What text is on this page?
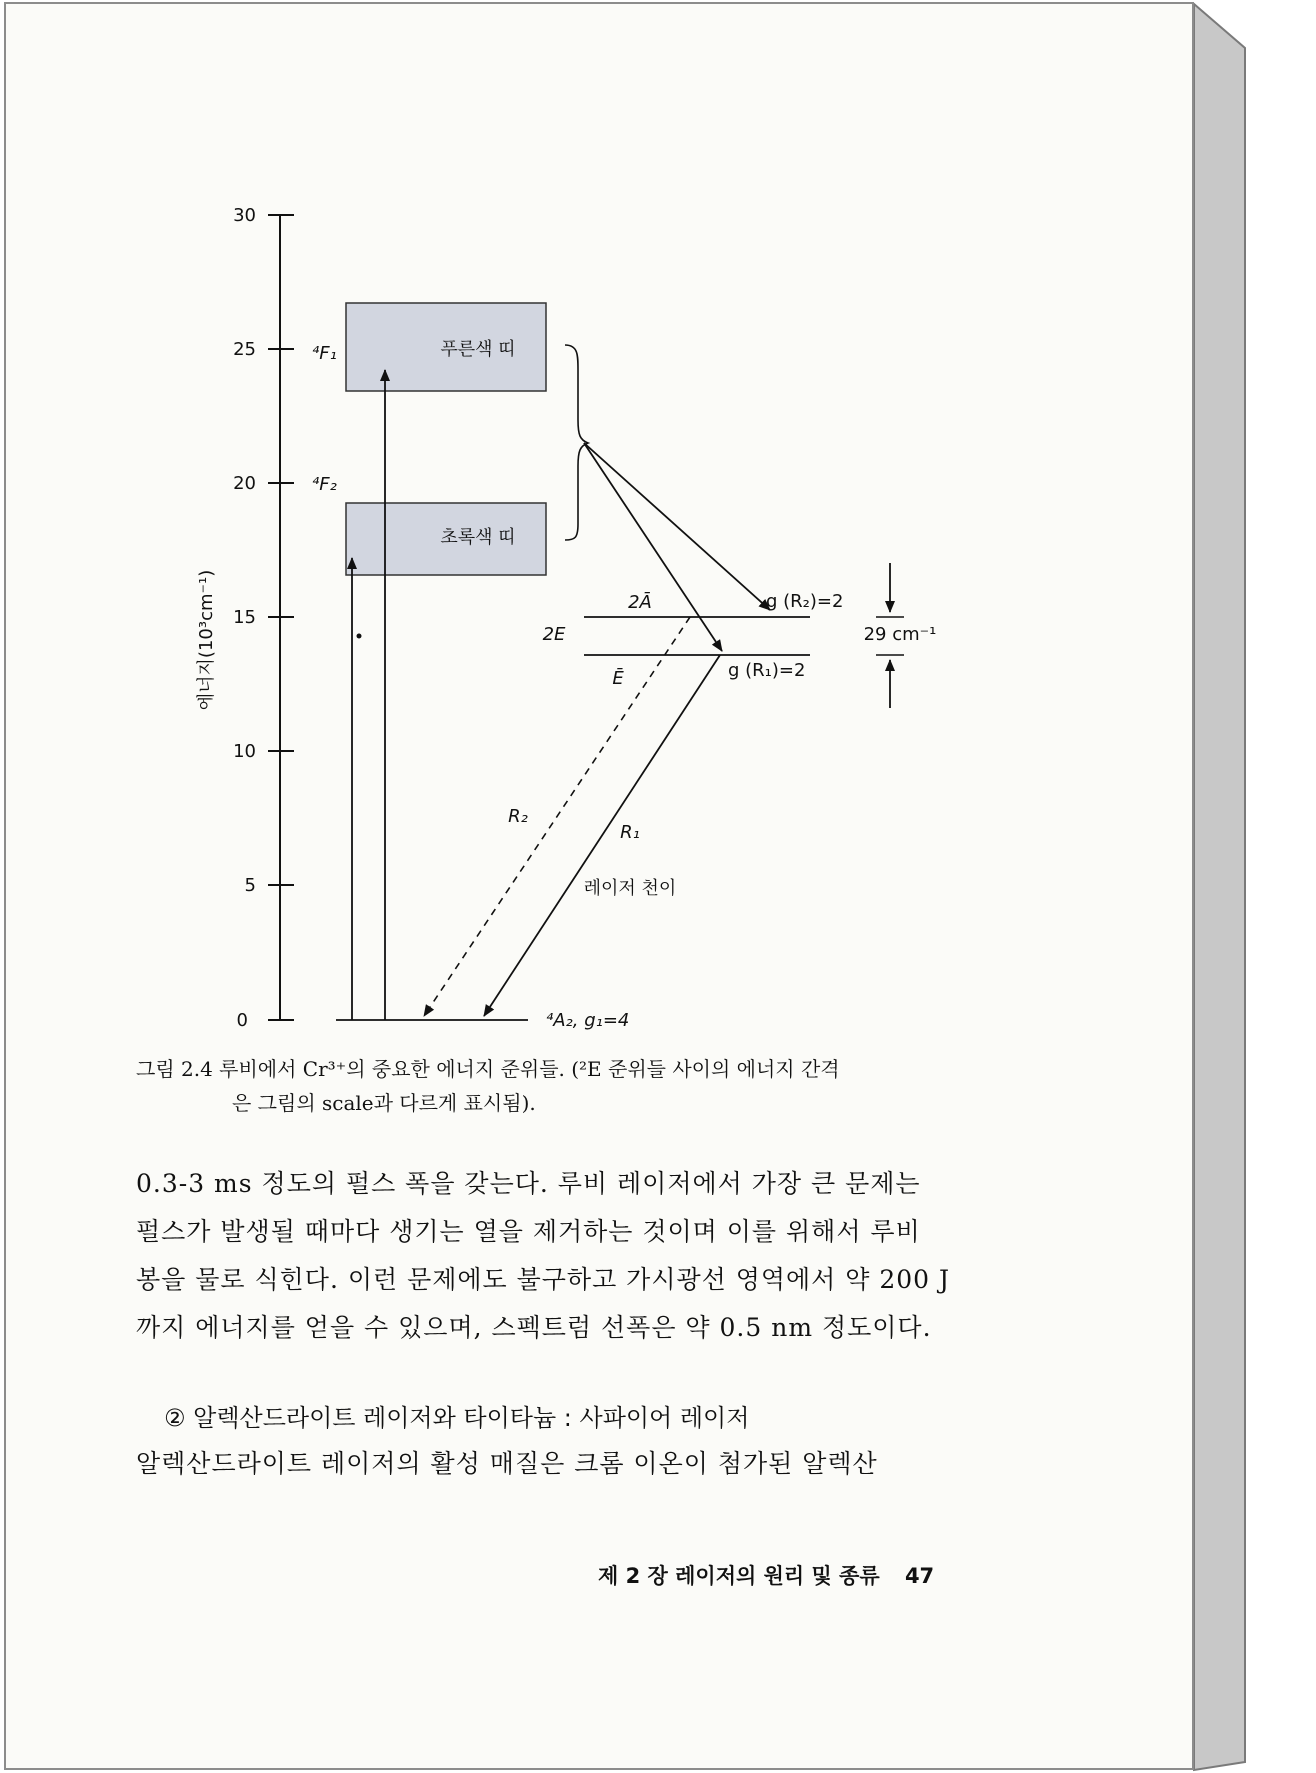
0
5
10
15
20
25
30
에너지(10³cm⁻¹)
푸른색 띠
초록색 띠
⁴F₁
⁴F₂
2E
2Ā
Ē
g (R₂)=2
g (R₁)=2
29 cm⁻¹
⁴A₂, g₁=4
R₂
R₁
레이저 천이
그림 2.4 루비에서 Cr³⁺의 중요한 에너지 준위들. (²E 준위들 사이의 에너지 간격
은 그림의 scale과 다르게 표시됨).

0.3-3 ms 정도의 펄스 폭을 갖는다. 루비 레이저에서 가장 큰 문제는

펄스가 발생될 때마다 생기는 열을 제거하는 것이며 이를 위해서 루비

봉을 물로 식힌다. 이런 문제에도 불구하고 가시광선 영역에서 약 200 J

까지 에너지를 얻을 수 있으며, 스펙트럼 선폭은 약 0.5 nm 정도이다.

② 알렉산드라이트 레이저와 타이타늄 : 사파이어 레이저

알렉산드라이트 레이저의 활성 매질은 크롬 이온이 첨가된 알렉산

제 2 장 레이저의 원리 및 종류 47
